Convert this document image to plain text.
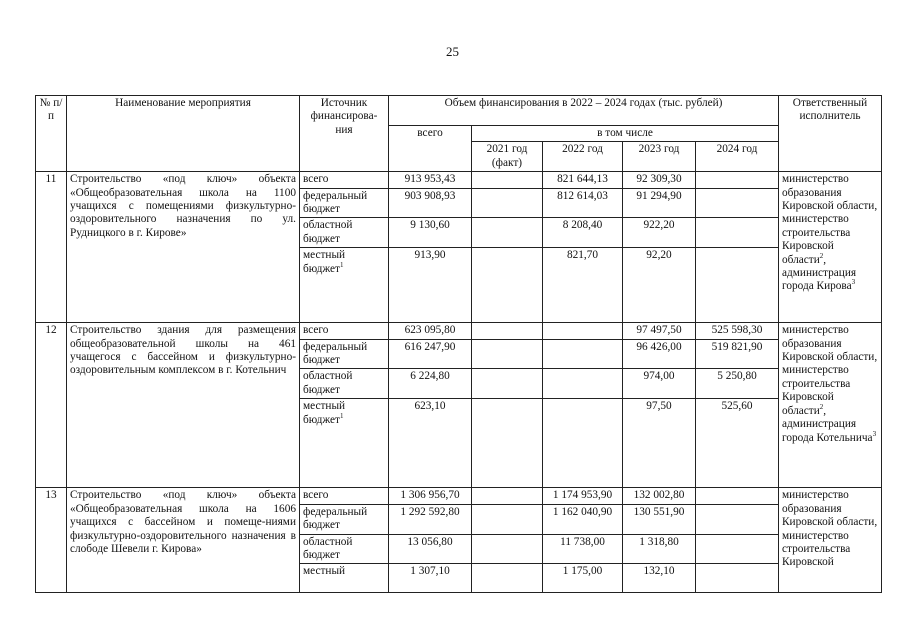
25
№ п/п	Наименование мероприятия	Источник финансирова-ния	Объем финансирования в 2022 – 2024 годах (тыс. рублей)					Ответственный исполнитель
			всего	в том числе				
				2021 год (факт)	2022 год	2023 год	2024 год	
11	Строительство «под ключ» объекта «Общеобразовательная школа на 1100 учащихся с помещениями физкультурно-оздоровительного назначения по ул. Рудницкого в г. Кирове»	всего	913 953,43		821 644,13	92 309,30		министерство образования Кировской области, министерство строительства Кировской области$^2$, администрация города Кирова$^3$
		федеральный бюджет	903 908,93		812 614,03	91 294,90		
		областной бюджет	9 130,60		8 208,40	922,20		
		местный бюджет$^1$	913,90		821,70	92,20		
12	Строительство здания для размещения общеобразовательной школы на 461 учащегося с бассейном и физкультурно-оздоровительным комплексом в г. Котельнич	всего	623 095,80			97 497,50	525 598,30	министерство образования Кировской области, министерство строительства Кировской области$^2$, администрация города Котельнича$^3$
		федеральный бюджет	616 247,90			96 426,00	519 821,90	
		областной бюджет	6 224,80			974,00	5 250,80	
		местный бюджет$^1$	623,10			97,50	525,60	
13	Строительство «под ключ» объекта «Общеобразовательная школа на 1606 учащихся с бассейном и помеще-ниями физкультурно-оздоровительного назначения в слободе Шевели г. Кирова»	всего	1 306 956,70		1 174 953,90	132 002,80		министерство образования Кировской области, министерство строительства Кировской
		федеральный бюджет	1 292 592,80		1 162 040,90	130 551,90		
		областной бюджет	13 056,80		11 738,00	1 318,80		
		местный	1 307,10		1 175,00	132,10		
